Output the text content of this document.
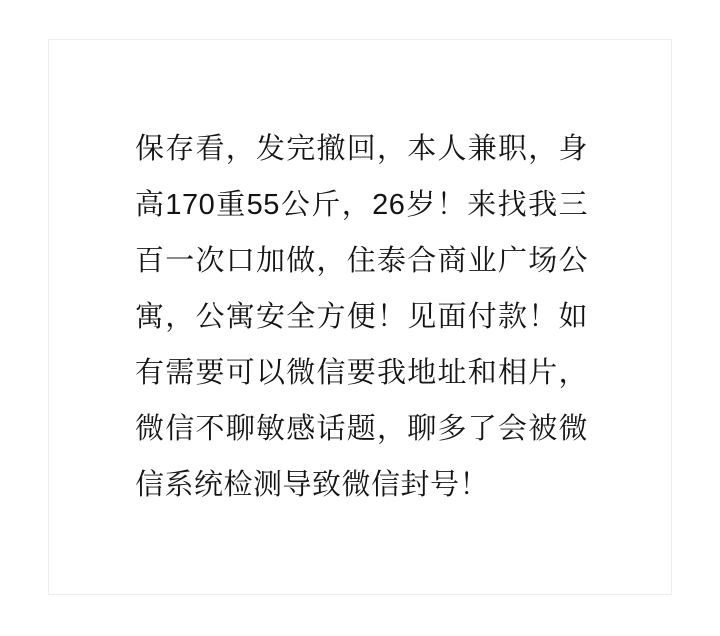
保存看，发完撤回，本人兼职，身
高170重55公斤，26岁！来找我三
百一次口加做，住泰合商业广场公
寓，公寓安全方便！见面付款！如
有需要可以微信要我地址和相片，
微信不聊敏感话题，聊多了会被微
信系统检测导致微信封号！
